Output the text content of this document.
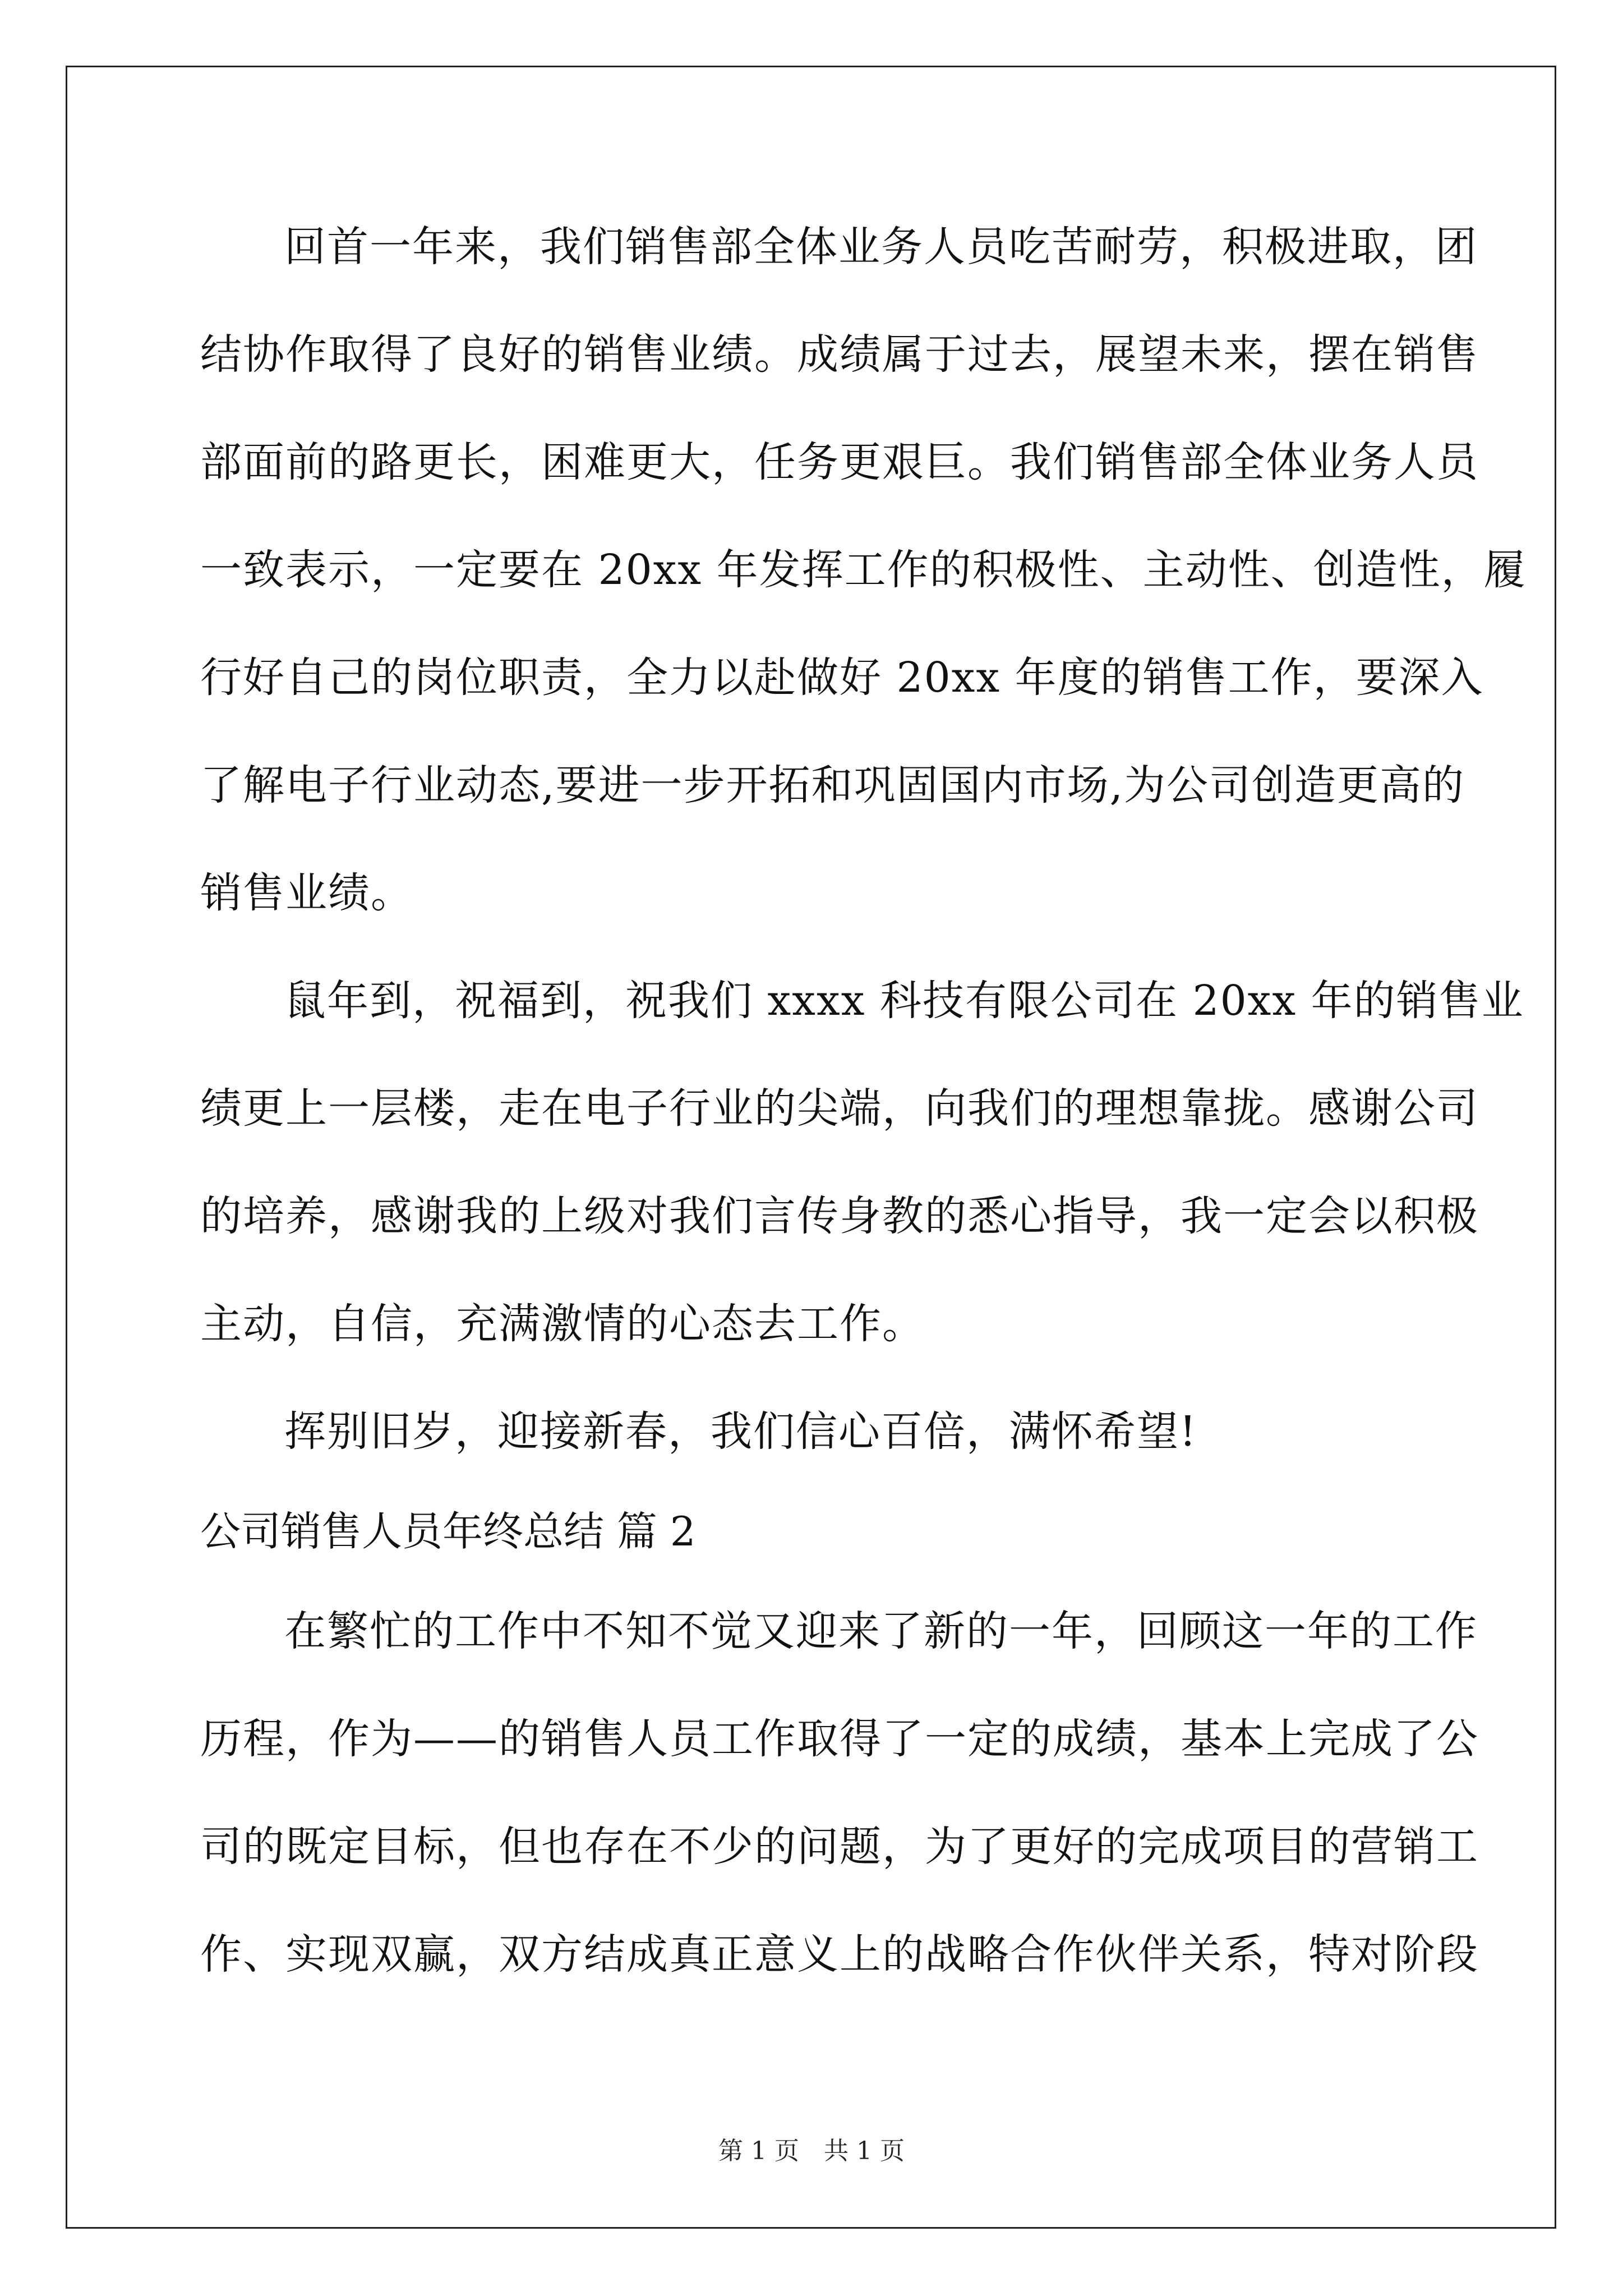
回首一年来，我们销售部全体业务人员吃苦耐劳，积极进取，团
结协作取得了良好的销售业绩。成绩属于过去，展望未来，摆在销售
部面前的路更长，困难更大，任务更艰巨。我们销售部全体业务人员
一致表示，一定要在 20xx 年发挥工作的积极性、主动性、创造性，履
行好自己的岗位职责，全力以赴做好 20xx 年度的销售工作，要深入
了解电子行业动态,要进一步开拓和巩固国内市场,为公司创造更高的
销售业绩。
鼠年到，祝福到，祝我们 xxxx 科技有限公司在 20xx 年的销售业
绩更上一层楼，走在电子行业的尖端，向我们的理想靠拢。感谢公司
的培养，感谢我的上级对我们言传身教的悉心指导，我一定会以积极
主动，自信，充满激情的心态去工作。
挥别旧岁，迎接新春，我们信心百倍，满怀希望!
公司销售人员年终总结 篇 2
在繁忙的工作中不知不觉又迎来了新的一年，回顾这一年的工作
历程，作为——的销售人员工作取得了一定的成绩，基本上完成了公
司的既定目标，但也存在不少的问题，为了更好的完成项目的营销工
作、实现双赢，双方结成真正意义上的战略合作伙伴关系，特对阶段
第 1 页　共 1 页
